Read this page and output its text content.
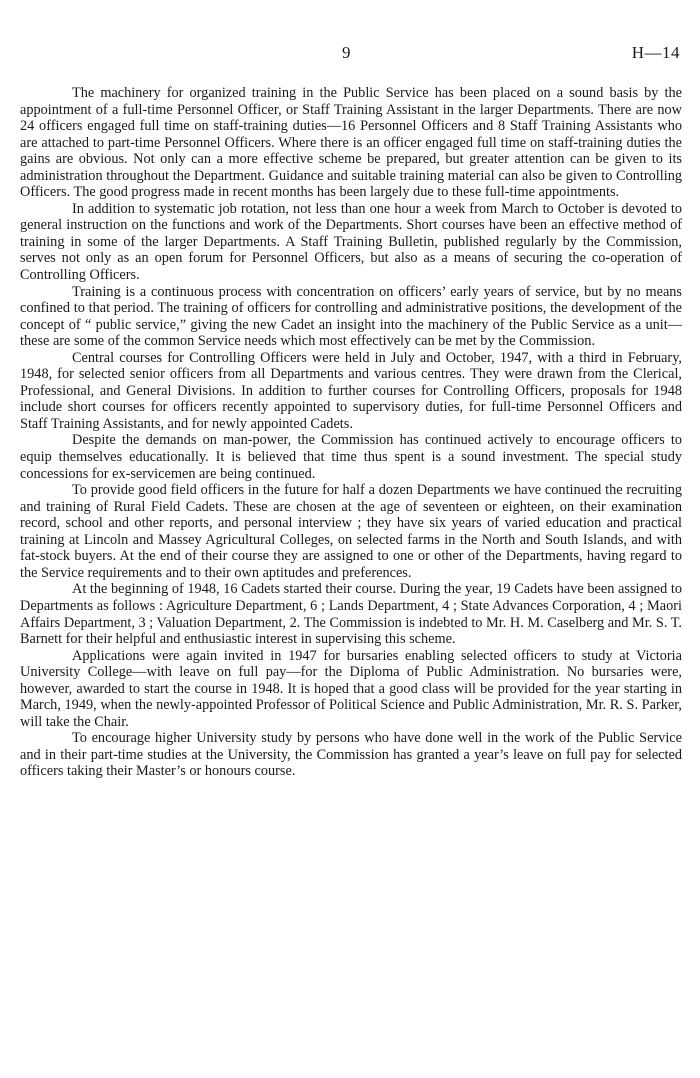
9	H—14

The machinery for organized training in the Public Service has been placed on a sound basis by the appointment of a full-time Personnel Officer, or Staff Training Assistant in the larger Departments. There are now 24 officers engaged full time on staff-training duties—16 Personnel Officers and 8 Staff Training Assistants who are attached to part-time Personnel Officers. Where there is an officer engaged full time on staff-training duties the gains are obvious. Not only can a more effective scheme be prepared, but greater attention can be given to its administration throughout the Department. Guidance and suitable training material can also be given to Controlling Officers. The good progress made in recent months has been largely due to these full-time appointments.

In addition to systematic job rotation, not less than one hour a week from March to October is devoted to general instruction on the functions and work of the Departments. Short courses have been an effective method of training in some of the larger Departments. A Staff Training Bulletin, published regularly by the Commission, serves not only as an open forum for Personnel Officers, but also as a means of securing the co-operation of Controlling Officers.

Training is a continuous process with concentration on officers’ early years of service, but by no means confined to that period. The training of officers for controlling and administrative positions, the development of the concept of “ public service,” giving the new Cadet an insight into the machinery of the Public Service as a unit—these are some of the common Service needs which most effectively can be met by the Commission.

Central courses for Controlling Officers were held in July and October, 1947, with a third in February, 1948, for selected senior officers from all Departments and various centres. They were drawn from the Clerical, Professional, and General Divisions. In addition to further courses for Controlling Officers, proposals for 1948 include short courses for officers recently appointed to supervisory duties, for full-time Personnel Officers and Staff Training Assistants, and for newly appointed Cadets.

Despite the demands on man-power, the Commission has continued actively to encourage officers to equip themselves educationally. It is believed that time thus spent is a sound investment. The special study concessions for ex-servicemen are being continued.

To provide good field officers in the future for half a dozen Departments we have continued the recruiting and training of Rural Field Cadets. These are chosen at the age of seventeen or eighteen, on their examination record, school and other reports, and personal interview ; they have six years of varied education and practical training at Lincoln and Massey Agricultural Colleges, on selected farms in the North and South Islands, and with fat-stock buyers. At the end of their course they are assigned to one or other of the Departments, having regard to the Service requirements and to their own aptitudes and preferences.

At the beginning of 1948, 16 Cadets started their course. During the year, 19 Cadets have been assigned to Departments as follows : Agriculture Department, 6 ; Lands Department, 4 ; State Advances Corporation, 4 ; Maori Affairs Department, 3 ; Valuation Department, 2. The Commission is indebted to Mr. H. M. Caselberg and Mr. S. T. Barnett for their helpful and enthusiastic interest in supervising this scheme.

Applications were again invited in 1947 for bursaries enabling selected officers to study at Victoria University College—with leave on full pay—for the Diploma of Public Administration. No bursaries were, however, awarded to start the course in 1948. It is hoped that a good class will be provided for the year starting in March, 1949, when the newly-appointed Professor of Political Science and Public Administration, Mr. R. S. Parker, will take the Chair.

To encourage higher University study by persons who have done well in the work of the Public Service and in their part-time studies at the University, the Commission has granted a year’s leave on full pay for selected officers taking their Master’s or honours course.
